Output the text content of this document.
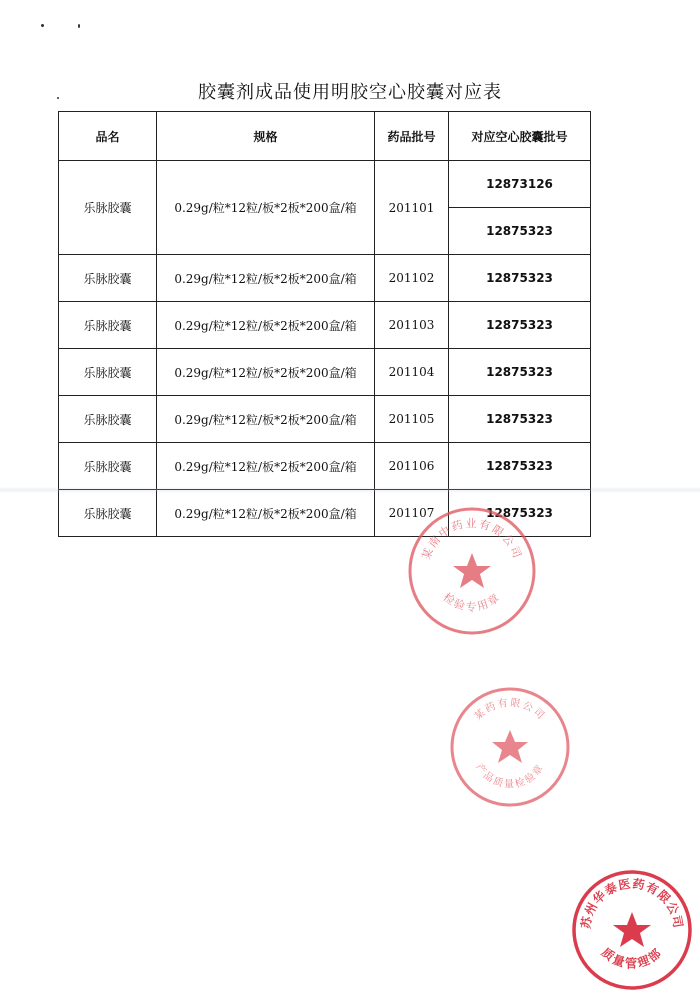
胶囊剂成品使用明胶空心胶囊对应表
品名	规格	药品批号	对应空心胶囊批号
乐脉胶囊	0.29g/粒*12粒/板*2板*200盒/箱	201101	12873126
			12875323
乐脉胶囊	0.29g/粒*12粒/板*2板*200盒/箱	201102	12875323
乐脉胶囊	0.29g/粒*12粒/板*2板*200盒/箱	201103	12875323
乐脉胶囊	0.29g/粒*12粒/板*2板*200盒/箱	201104	12875323
乐脉胶囊	0.29g/粒*12粒/板*2板*200盒/箱	201105	12875323
乐脉胶囊	0.29g/粒*12粒/板*2板*200盒/箱	201106	12875323
乐脉胶囊	0.29g/粒*12粒/板*2板*200盒/箱	201107	12875323
某南中药业有限公司
检验专用章
某药有限公司
产品质量检验章
苏州华泰医药有限公司
质量管理部
